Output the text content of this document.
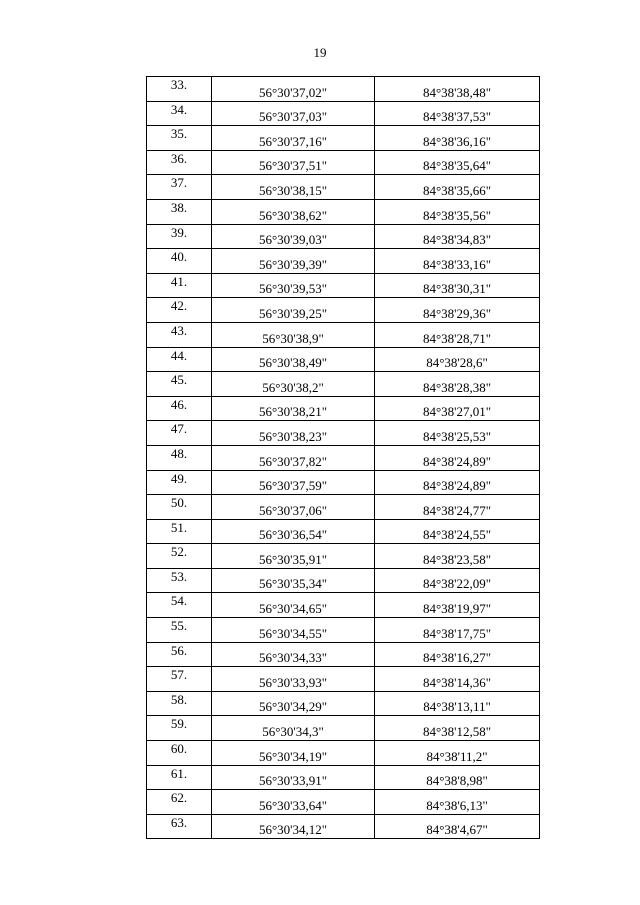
19
33.	56°30'37,02"	84°38'38,48"
34.	56°30'37,03"	84°38'37,53"
35.	56°30'37,16"	84°38'36,16"
36.	56°30'37,51"	84°38'35,64"
37.	56°30'38,15"	84°38'35,66"
38.	56°30'38,62"	84°38'35,56"
39.	56°30'39,03"	84°38'34,83"
40.	56°30'39,39"	84°38'33,16"
41.	56°30'39,53"	84°38'30,31"
42.	56°30'39,25"	84°38'29,36"
43.	56°30'38,9"	84°38'28,71"
44.	56°30'38,49"	84°38'28,6"
45.	56°30'38,2"	84°38'28,38"
46.	56°30'38,21"	84°38'27,01"
47.	56°30'38,23"	84°38'25,53"
48.	56°30'37,82"	84°38'24,89"
49.	56°30'37,59"	84°38'24,89"
50.	56°30'37,06"	84°38'24,77"
51.	56°30'36,54"	84°38'24,55"
52.	56°30'35,91"	84°38'23,58"
53.	56°30'35,34"	84°38'22,09"
54.	56°30'34,65"	84°38'19,97"
55.	56°30'34,55"	84°38'17,75"
56.	56°30'34,33"	84°38'16,27"
57.	56°30'33,93"	84°38'14,36"
58.	56°30'34,29"	84°38'13,11"
59.	56°30'34,3"	84°38'12,58"
60.	56°30'34,19"	84°38'11,2"
61.	56°30'33,91"	84°38'8,98"
62.	56°30'33,64"	84°38'6,13"
63.	56°30'34,12"	84°38'4,67"
